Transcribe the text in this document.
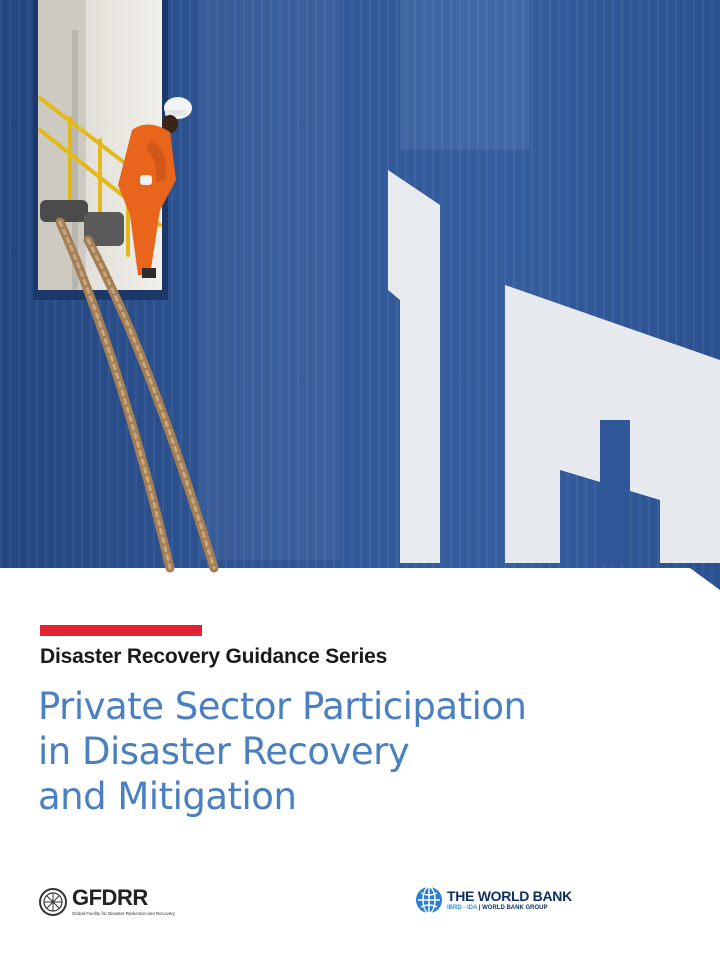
Disaster Recovery Guidance Series
Private Sector Participation
in Disaster Recovery
and Mitigation
GFDRR
Global Facility for Disaster Reduction and Recovery
THE WORLD BANK
IBRD · IDA | WORLD BANK GROUP
